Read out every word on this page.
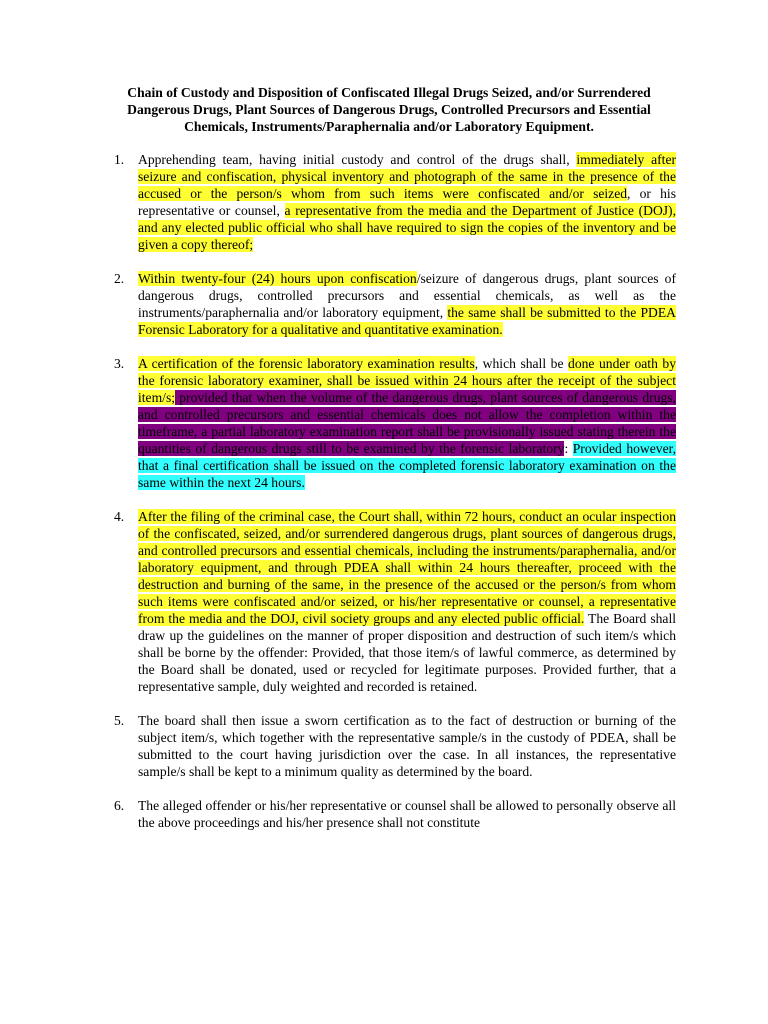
Chain of Custody and Disposition of Confiscated Illegal Drugs Seized, and/or Surrendered Dangerous Drugs, Plant Sources of Dangerous Drugs, Controlled Precursors and Essential Chemicals, Instruments/Paraphernalia and/or Laboratory Equipment.
1. Apprehending team, having initial custody and control of the drugs shall, immediately after seizure and confiscation, physical inventory and photograph of the same in the presence of the accused or the person/s whom from such items were confiscated and/or seized, or his representative or counsel, a representative from the media and the Department of Justice (DOJ), and any elected public official who shall have required to sign the copies of the inventory and be given a copy thereof;
2. Within twenty-four (24) hours upon confiscation/seizure of dangerous drugs, plant sources of dangerous drugs, controlled precursors and essential chemicals, as well as the instruments/paraphernalia and/or laboratory equipment, the same shall be submitted to the PDEA Forensic Laboratory for a qualitative and quantitative examination.
3. A certification of the forensic laboratory examination results, which shall be done under oath by the forensic laboratory examiner, shall be issued within 24 hours after the receipt of the subject item/s; provided that when the volume of the dangerous drugs, plant sources of dangerous drugs, and controlled precursors and essential chemicals does not allow the completion within the timeframe, a partial laboratory examination report shall be provisionally issued stating therein the quantities of dangerous drugs still to be examined by the forensic laboratory: Provided however, that a final certification shall be issued on the completed forensic laboratory examination on the same within the next 24 hours.
4. After the filing of the criminal case, the Court shall, within 72 hours, conduct an ocular inspection of the confiscated, seized, and/or surrendered dangerous drugs, plant sources of dangerous drugs, and controlled precursors and essential chemicals, including the instruments/paraphernalia, and/or laboratory equipment, and through PDEA shall within 24 hours thereafter, proceed with the destruction and burning of the same, in the presence of the accused or the person/s from whom such items were confiscated and/or seized, or his/her representative or counsel, a representative from the media and the DOJ, civil society groups and any elected public official. The Board shall draw up the guidelines on the manner of proper disposition and destruction of such item/s which shall be borne by the offender: Provided, that those item/s of lawful commerce, as determined by the Board shall be donated, used or recycled for legitimate purposes. Provided further, that a representative sample, duly weighted and recorded is retained.
5. The board shall then issue a sworn certification as to the fact of destruction or burning of the subject item/s, which together with the representative sample/s in the custody of PDEA, shall be submitted to the court having jurisdiction over the case. In all instances, the representative sample/s shall be kept to a minimum quality as determined by the board.
6. The alleged offender or his/her representative or counsel shall be allowed to personally observe all the above proceedings and his/her presence shall not constitute
